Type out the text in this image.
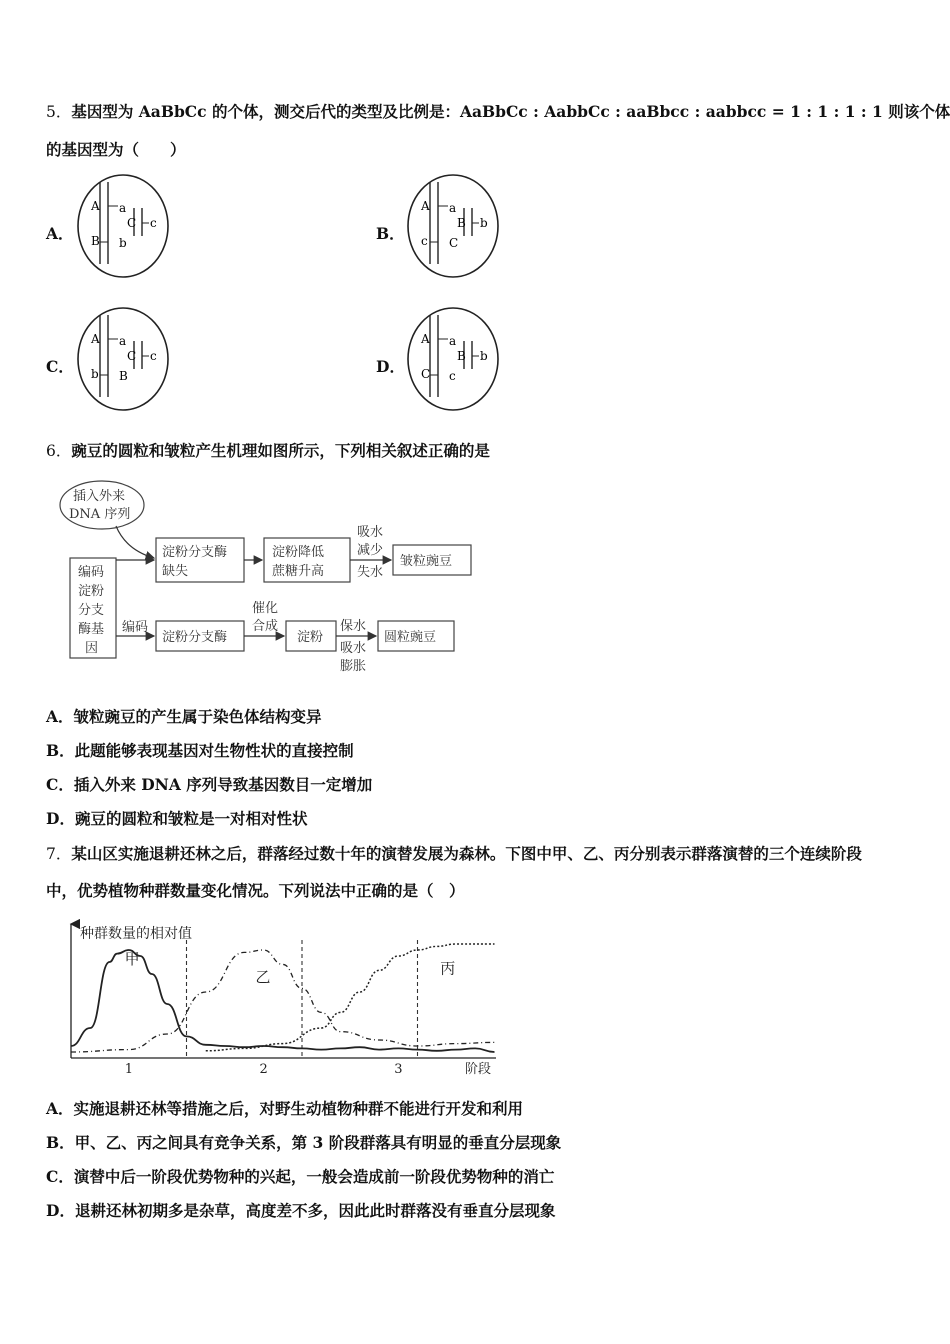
5．基因型为 AaBbCc 的个体，测交后代的类型及比例是：AaBbCc : AabbCc : aaBbcc : aabbcc = 1 : 1 : 1 : 1 则该个体
的基因型为（　　）
A．	B．
C．	D．
A
B
a
b
C c
A
c
a
C
B b
A
b
a
B
C c
A
C
a
c
B b
6．豌豆的圆粒和皱粒产生机理如图所示，下列相关叙述正确的是
插入外来
DNA 序列
编码
淀粉
分支
酶基
因
淀粉分支酶
缺失
淀粉降低
蔗糖升高
吸水
减少
失水
皱粒豌豆
编码
淀粉分支酶
催化
合成
淀粉
保水
吸水
膨胀
圆粒豌豆
A．皱粒豌豆的产生属于染色体结构变异
B．此题能够表现基因对生物性状的直接控制
C．插入外来 DNA 序列导致基因数目一定增加
D．豌豆的圆粒和皱粒是一对相对性状
7．某山区实施退耕还林之后，群落经过数十年的演替发展为森林。下图中甲、乙、丙分别表示群落演替的三个连续阶段
中，优势植物种群数量变化情况。下列说法中正确的是（　）
种群数量的相对值
阶段
1	2	3
甲
乙	丙
A．实施退耕还林等措施之后，对野生动植物种群不能进行开发和利用
B．甲、乙、丙之间具有竞争关系，第 3 阶段群落具有明显的垂直分层现象
C．演替中后一阶段优势物种的兴起，一般会造成前一阶段优势物种的消亡
D．退耕还林初期多是杂草，高度差不多，因此此时群落没有垂直分层现象
